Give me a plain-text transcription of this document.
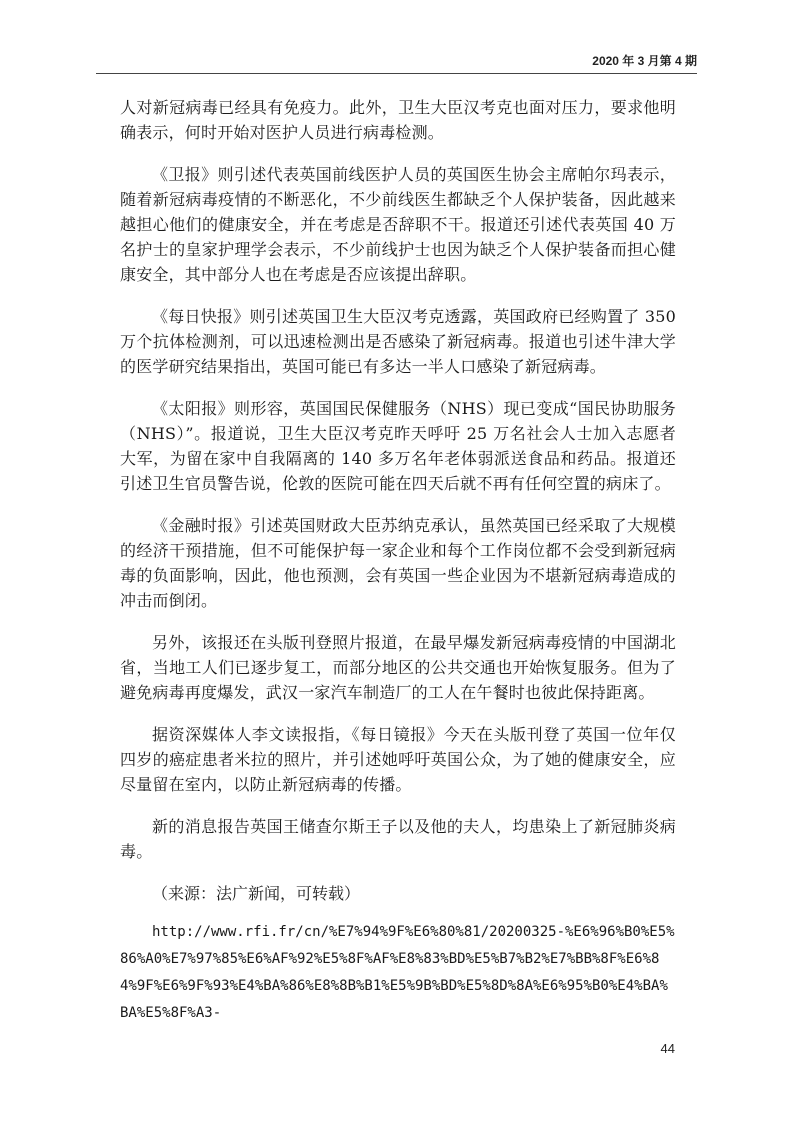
2020 年 3 月第 4 期

人对新冠病毒已经具有免疫力。此外，卫生大臣汉考克也面对压力，要求他明确表示，何时开始对医护人员进行病毒检测。

《卫报》则引述代表英国前线医护人员的英国医生协会主席帕尔玛表示，随着新冠病毒疫情的不断恶化，不少前线医生都缺乏个人保护装备，因此越来越担心他们的健康安全，并在考虑是否辞职不干。报道还引述代表英国 40 万名护士的皇家护理学会表示，不少前线护士也因为缺乏个人保护装备而担心健康安全，其中部分人也在考虑是否应该提出辞职。

《每日快报》则引述英国卫生大臣汉考克透露，英国政府已经购置了 350 万个抗体检测剂，可以迅速检测出是否感染了新冠病毒。报道也引述牛津大学的医学研究结果指出，英国可能已有多达一半人口感染了新冠病毒。

《太阳报》则形容，英国国民保健服务（NHS）现已变成“国民协助服务（NHS）”。报道说，卫生大臣汉考克昨天呼吁 25 万名社会人士加入志愿者大军，为留在家中自我隔离的 140 多万名年老体弱派送食品和药品。报道还引述卫生官员警告说，伦敦的医院可能在四天后就不再有任何空置的病床了。

《金融时报》引述英国财政大臣苏纳克承认，虽然英国已经采取了大规模的经济干预措施，但不可能保护每一家企业和每个工作岗位都不会受到新冠病毒的负面影响，因此，他也预测，会有英国一些企业因为不堪新冠病毒造成的冲击而倒闭。

另外，该报还在头版刊登照片报道，在最早爆发新冠病毒疫情的中国湖北省，当地工人们已逐步复工，而部分地区的公共交通也开始恢复服务。但为了避免病毒再度爆发，武汉一家汽车制造厂的工人在午餐时也彼此保持距离。

据资深媒体人李文读报指，《每日镜报》今天在头版刊登了英国一位年仅四岁的癌症患者米拉的照片，并引述她呼吁英国公众，为了她的健康安全，应尽量留在室内，以防止新冠病毒的传播。

新的消息报告英国王储查尔斯王子以及他的夫人，均患染上了新冠肺炎病毒。

（来源：法广新闻，可转载）

http://www.rfi.fr/cn/%E7%94%9F%E6%80%81/20200325-%E6%96%B0%E5%86%A0%E7%97%85%E6%AF%92%E5%8F%AF%E8%83%BD%E5%B7%B2%E7%BB%8F%E6%84%9F%E6%9F%93%E4%BA%86%E8%8B%B1%E5%9B%BD%E5%8D%8A%E6%95%B0%E4%BA%BA%E5%8F%A3-

44
